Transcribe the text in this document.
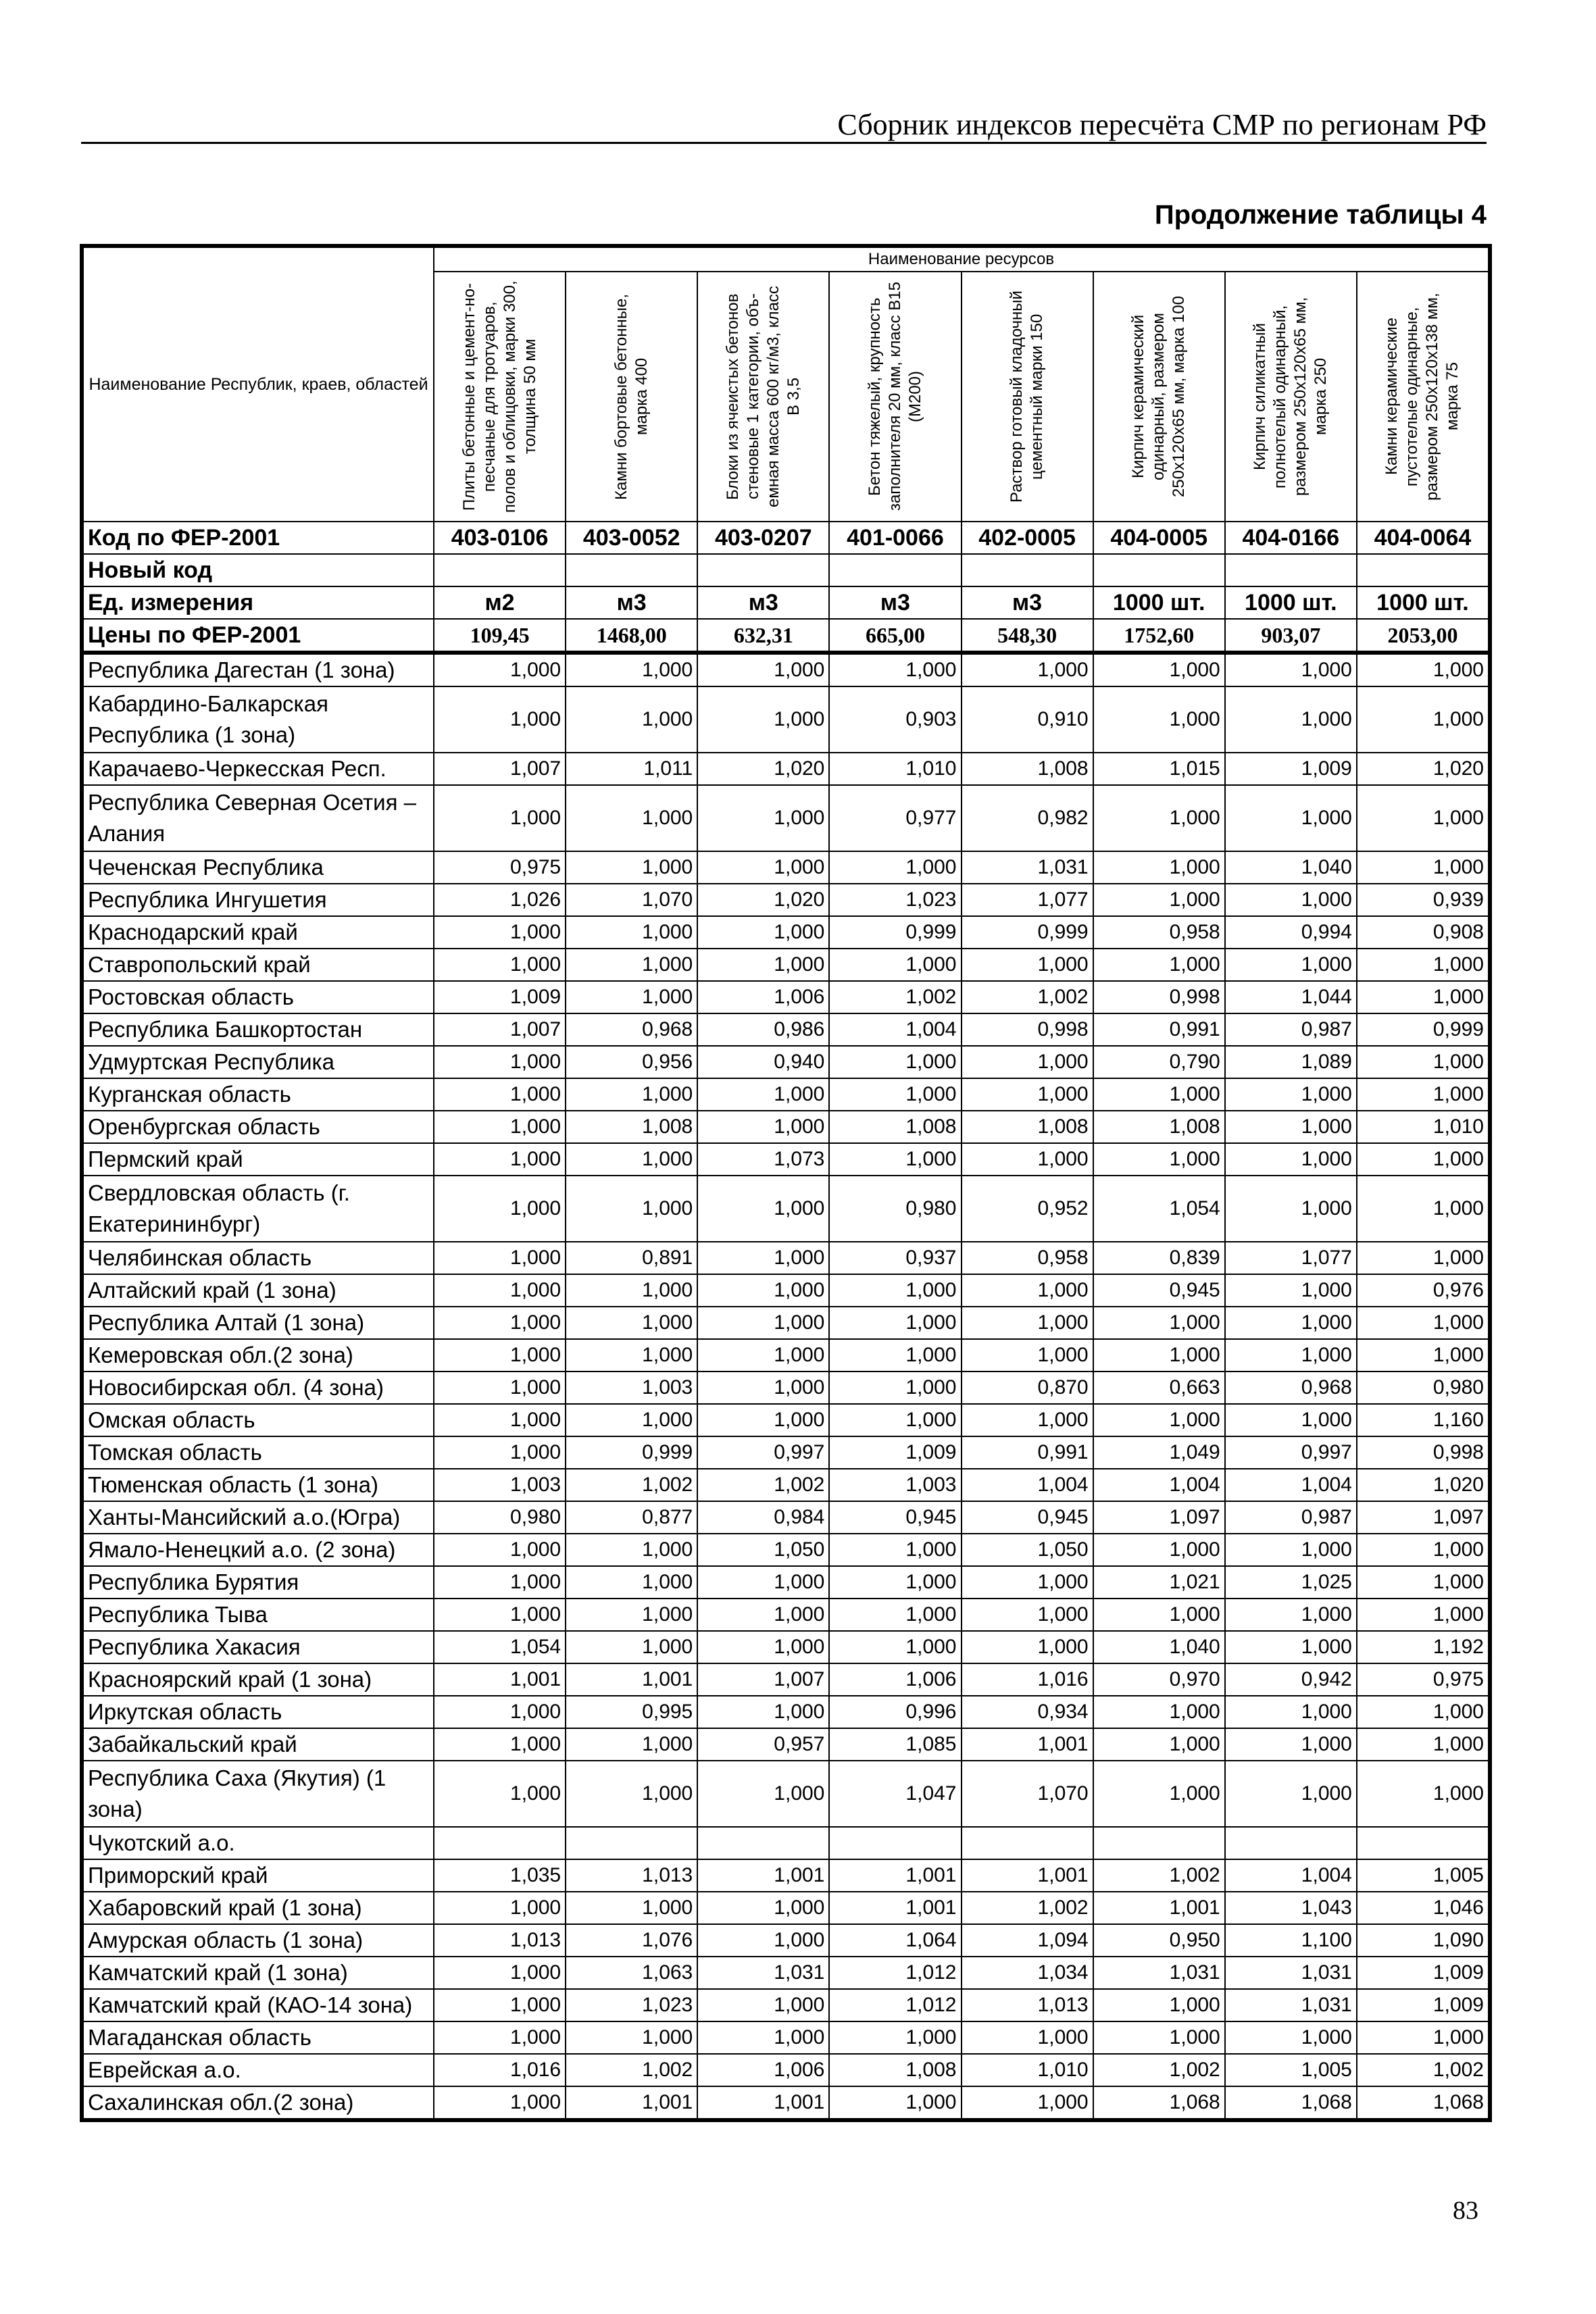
Сборник индексов пересчёта СМР по регионам РФ
Продолжение таблицы 4
Наименование Республик, краев, областей	Наименование ресурсов							

	Плиты бетонные и цемент-но-песчаные для тротуаров, полов и облицовки, марки 300, толщина 50 мм	Камни бортовые бетонные, марка 400	Блоки из ячеистых бетонов стеновые 1 категории, объ-емная масса 600 кг/м3, класс В 3,5	Бетон тяжелый, крупность заполнителя 20 мм, класс В15 (М200)	Раствор готовый кладочный цементный марки 150	Кирпич керамический одинарный, размером 250x120x65 мм, марка 100	Кирпич силикатный полнотелый одинарный, размером 250x120x65 мм, марка 250	Камни керамические пустотелые одинарные, размером 250x120x138 мм, марка 75

Код по ФЕР-2001	403-0106	403-0052	403-0207	401-0066	402-0005	404-0005	404-0166	404-0064
Новый код								
Ед. измерения	м2	м3	м3	м3	м3	1000 шт.	1000 шт.	1000 шт.
Цены по ФЕР-2001	109,45	1468,00	632,31	665,00	548,30	1752,60	903,07	2053,00
Республика Дагестан (1 зона)	1,000	1,000	1,000	1,000	1,000	1,000	1,000	1,000
Кабардино-Балкарская Республика (1 зона)	1,000	1,000	1,000	0,903	0,910	1,000	1,000	1,000
Карачаево-Черкесская Респ.	1,007	1,011	1,020	1,010	1,008	1,015	1,009	1,020
Республика Северная Осетия – Алания	1,000	1,000	1,000	0,977	0,982	1,000	1,000	1,000
Чеченская Республика	0,975	1,000	1,000	1,000	1,031	1,000	1,040	1,000
Республика Ингушетия	1,026	1,070	1,020	1,023	1,077	1,000	1,000	0,939
Краснодарский край	1,000	1,000	1,000	0,999	0,999	0,958	0,994	0,908
Ставропольский край	1,000	1,000	1,000	1,000	1,000	1,000	1,000	1,000
Ростовская область	1,009	1,000	1,006	1,002	1,002	0,998	1,044	1,000
Республика Башкортостан	1,007	0,968	0,986	1,004	0,998	0,991	0,987	0,999
Удмуртская Республика	1,000	0,956	0,940	1,000	1,000	0,790	1,089	1,000
Курганская область	1,000	1,000	1,000	1,000	1,000	1,000	1,000	1,000
Оренбургская область	1,000	1,008	1,000	1,008	1,008	1,008	1,000	1,010
Пермский край	1,000	1,000	1,073	1,000	1,000	1,000	1,000	1,000
Свердловская область (г. Екатерининбург)	1,000	1,000	1,000	0,980	0,952	1,054	1,000	1,000
Челябинская область	1,000	0,891	1,000	0,937	0,958	0,839	1,077	1,000
Алтайский край (1 зона)	1,000	1,000	1,000	1,000	1,000	0,945	1,000	0,976
Республика Алтай (1 зона)	1,000	1,000	1,000	1,000	1,000	1,000	1,000	1,000
Кемеровская обл.(2 зона)	1,000	1,000	1,000	1,000	1,000	1,000	1,000	1,000
Новосибирская обл. (4 зона)	1,000	1,003	1,000	1,000	0,870	0,663	0,968	0,980
Омская область	1,000	1,000	1,000	1,000	1,000	1,000	1,000	1,160
Томская область	1,000	0,999	0,997	1,009	0,991	1,049	0,997	0,998
Тюменская область (1 зона)	1,003	1,002	1,002	1,003	1,004	1,004	1,004	1,020
Ханты-Мансийский а.о.(Югра)	0,980	0,877	0,984	0,945	0,945	1,097	0,987	1,097
Ямало-Ненецкий а.о. (2 зона)	1,000	1,000	1,050	1,000	1,050	1,000	1,000	1,000
Республика Бурятия	1,000	1,000	1,000	1,000	1,000	1,021	1,025	1,000
Республика Тыва	1,000	1,000	1,000	1,000	1,000	1,000	1,000	1,000
Республика Хакасия	1,054	1,000	1,000	1,000	1,000	1,040	1,000	1,192
Красноярский край (1 зона)	1,001	1,001	1,007	1,006	1,016	0,970	0,942	0,975
Иркутская область	1,000	0,995	1,000	0,996	0,934	1,000	1,000	1,000
Забайкальский край	1,000	1,000	0,957	1,085	1,001	1,000	1,000	1,000
Республика Саха (Якутия) (1 зона)	1,000	1,000	1,000	1,047	1,070	1,000	1,000	1,000
Чукотский а.о.								
Приморский край	1,035	1,013	1,001	1,001	1,001	1,002	1,004	1,005
Хабаровский край (1 зона)	1,000	1,000	1,000	1,001	1,002	1,001	1,043	1,046
Амурская область (1 зона)	1,013	1,076	1,000	1,064	1,094	0,950	1,100	1,090
Камчатский край (1 зона)	1,000	1,063	1,031	1,012	1,034	1,031	1,031	1,009
Камчатский край (КАО-14 зона)	1,000	1,023	1,000	1,012	1,013	1,000	1,031	1,009
Магаданская область	1,000	1,000	1,000	1,000	1,000	1,000	1,000	1,000
Еврейская а.о.	1,016	1,002	1,006	1,008	1,010	1,002	1,005	1,002
Сахалинская обл.(2 зона)	1,000	1,001	1,001	1,000	1,000	1,068	1,068	1,068
83
